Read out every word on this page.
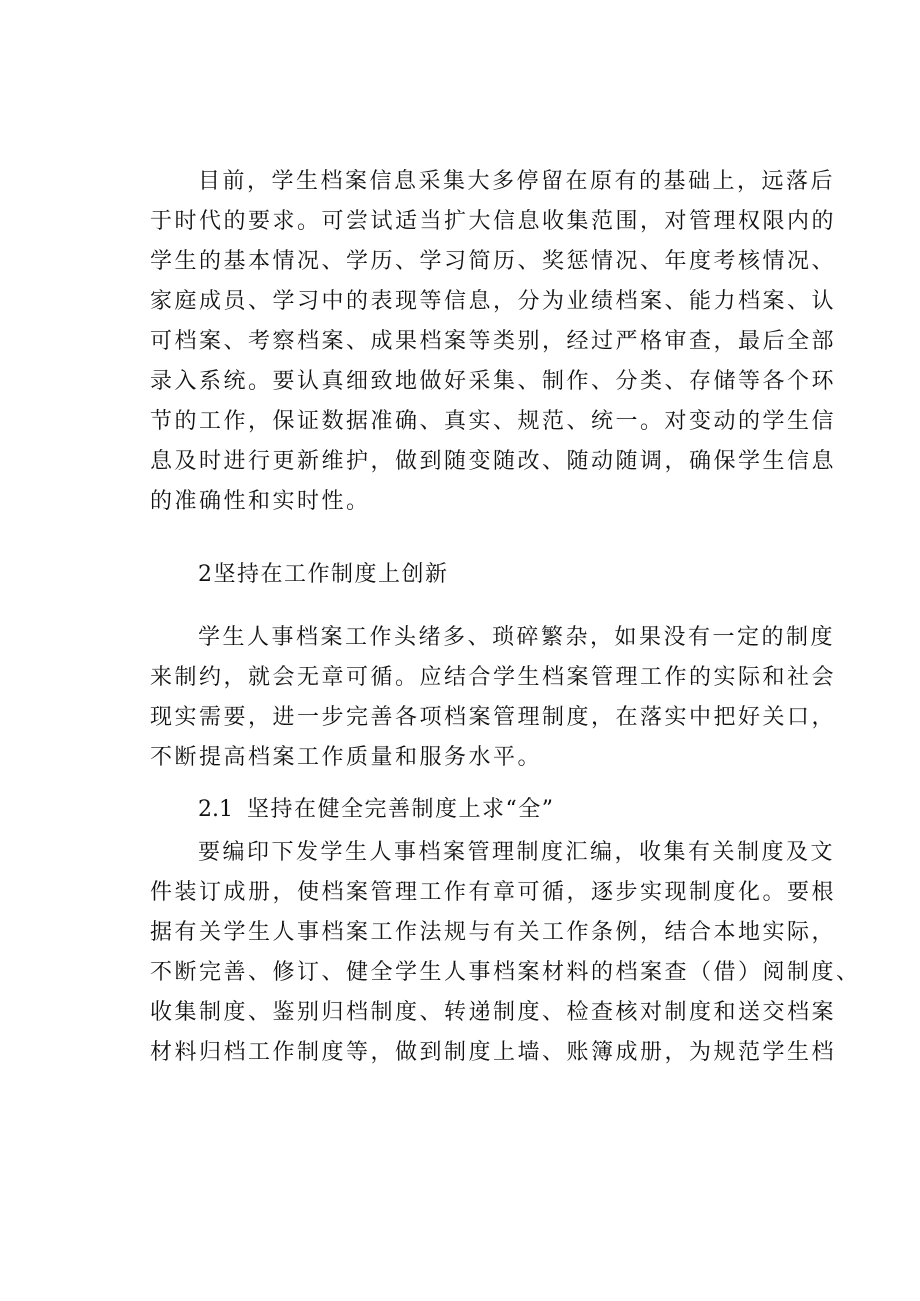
目前，学生档案信息采集大多停留在原有的基础上，远落后
于时代的要求。可尝试适当扩大信息收集范围，对管理权限内的
学生的基本情况、学历、学习简历、奖惩情况、年度考核情况、
家庭成员、学习中的表现等信息，分为业绩档案、能力档案、认
可档案、考察档案、成果档案等类别，经过严格审查，最后全部
录入系统。要认真细致地做好采集、制作、分类、存储等各个环
节的工作，保证数据准确、真实、规范、统一。对变动的学生信
息及时进行更新维护，做到随变随改、随动随调，确保学生信息
的准确性和实时性。
2坚持在工作制度上创新
学生人事档案工作头绪多、琐碎繁杂，如果没有一定的制度
来制约，就会无章可循。应结合学生档案管理工作的实际和社会
现实需要，进一步完善各项档案管理制度，在落实中把好关口，
不断提高档案工作质量和服务水平。
2.1 坚持在健全完善制度上求“全”
要编印下发学生人事档案管理制度汇编，收集有关制度及文
件装订成册，使档案管理工作有章可循，逐步实现制度化。要根
据有关学生人事档案工作法规与有关工作条例，结合本地实际，
不断完善、修订、健全学生人事档案材料的档案查（借）阅制度、
收集制度、鉴别归档制度、转递制度、检查核对制度和送交档案
材料归档工作制度等，做到制度上墙、账簿成册，为规范学生档
